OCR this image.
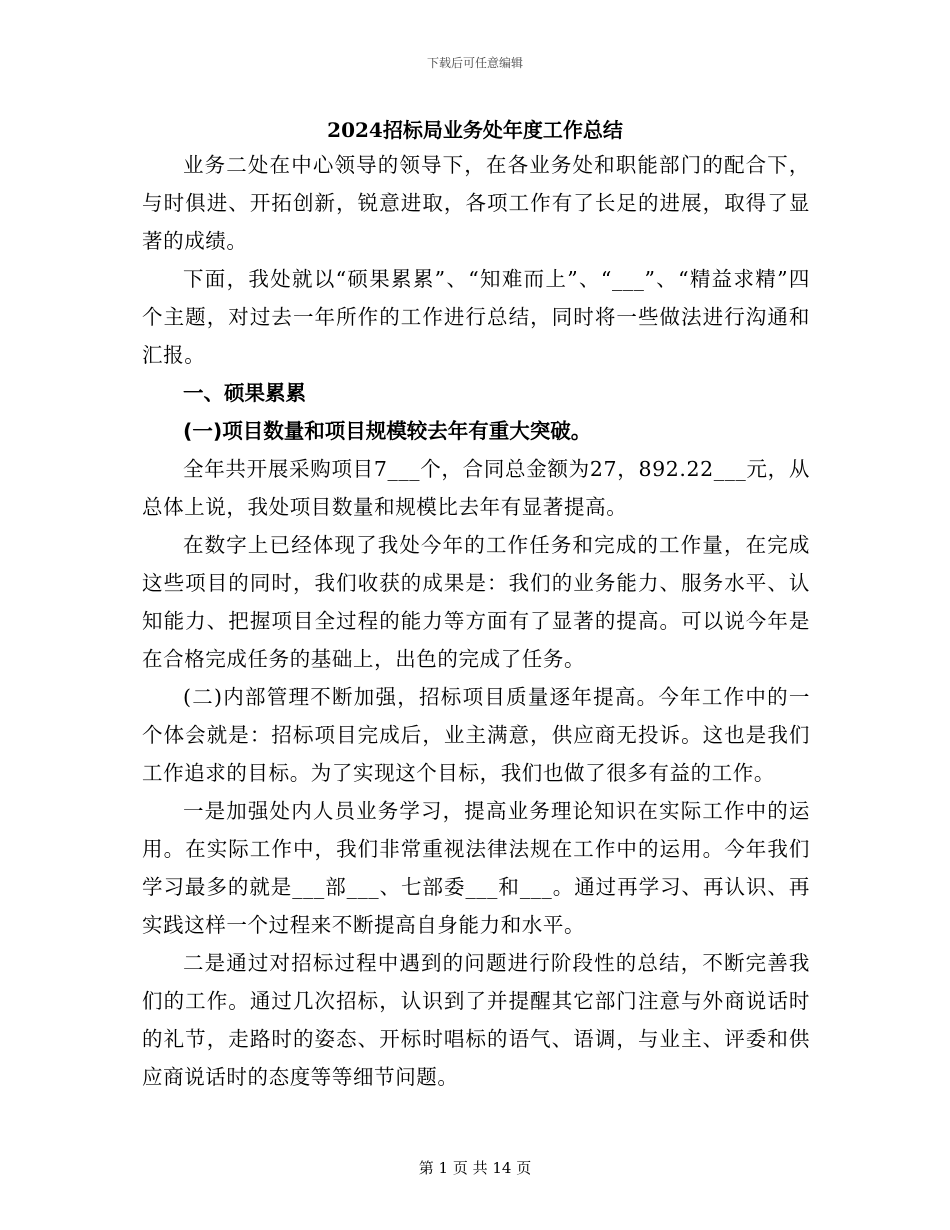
下载后可任意编辑
2024招标局业务处年度工作总结

业务二处在中心领导的领导下，在各业务处和职能部门的配合下，与时俱进、开拓创新，锐意进取，各项工作有了长足的进展，取得了显著的成绩。

下面，我处就以“硕果累累”、“知难而上”、“___”、“精益求精”四个主题，对过去一年所作的工作进行总结，同时将一些做法进行沟通和汇报。

一、硕果累累

(一)项目数量和项目规模较去年有重大突破。

全年共开展采购项目7___个，合同总金额为27，892.22___元，从总体上说，我处项目数量和规模比去年有显著提高。

在数字上已经体现了我处今年的工作任务和完成的工作量，在完成这些项目的同时，我们收获的成果是：我们的业务能力、服务水平、认知能力、把握项目全过程的能力等方面有了显著的提高。可以说今年是在合格完成任务的基础上，出色的完成了任务。

(二)内部管理不断加强，招标项目质量逐年提高。今年工作中的一个体会就是：招标项目完成后，业主满意，供应商无投诉。这也是我们工作追求的目标。为了实现这个目标，我们也做了很多有益的工作。

一是加强处内人员业务学习，提高业务理论知识在实际工作中的运用。在实际工作中，我们非常重视法律法规在工作中的运用。今年我们学习最多的就是___部___、七部委___和___。通过再学习、再认识、再实践这样一个过程来不断提高自身能力和水平。

二是通过对招标过程中遇到的问题进行阶段性的总结，不断完善我们的工作。通过几次招标，认识到了并提醒其它部门注意与外商说话时的礼节，走路时的姿态、开标时唱标的语气、语调，与业主、评委和供应商说话时的态度等等细节问题。

第 1 页 共 14 页
